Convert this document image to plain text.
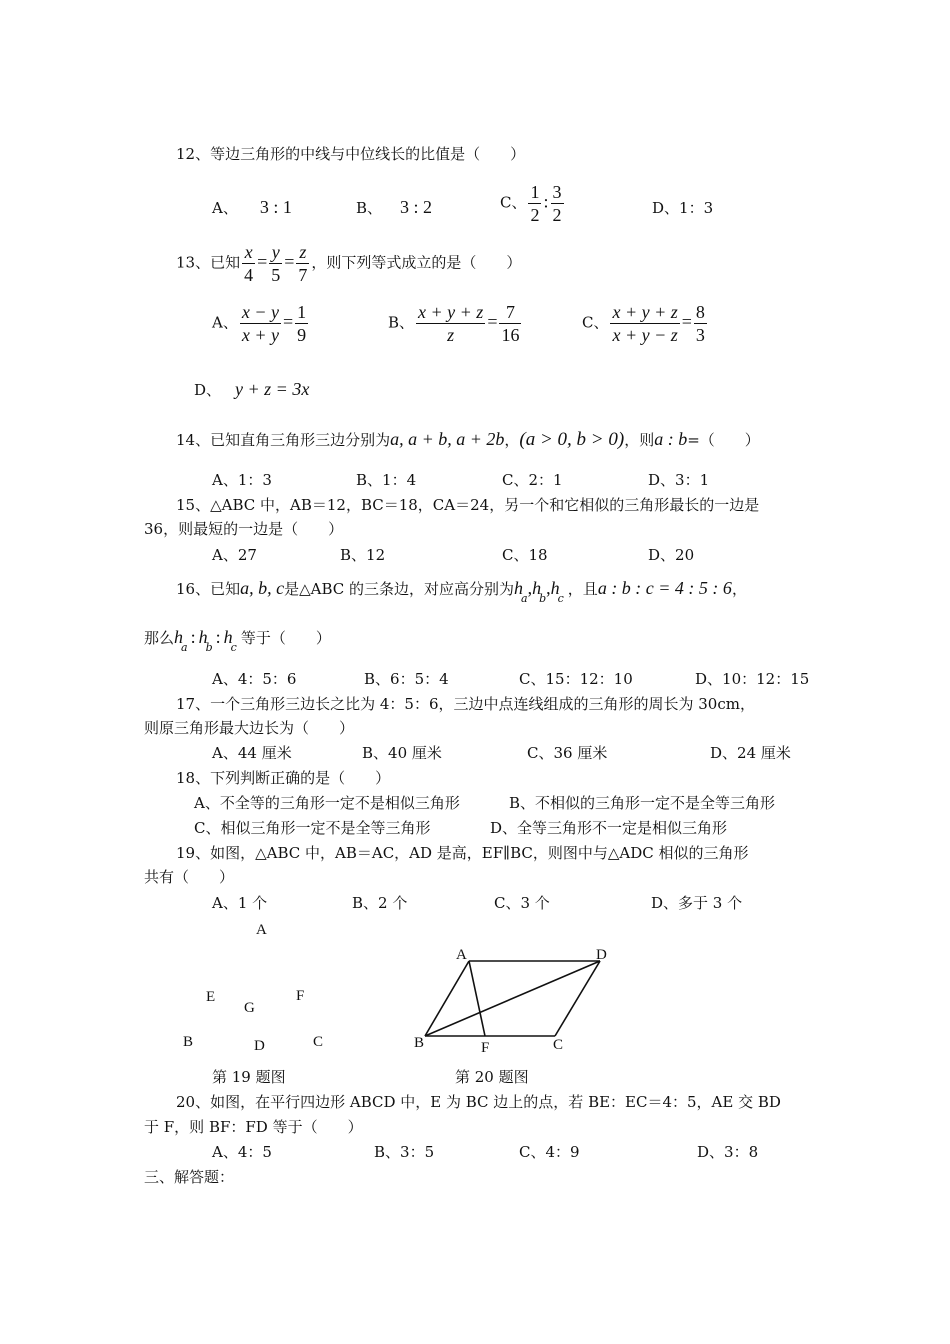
12、等边三角形的中线与中位线长的比值是（　　）
A、 3 : 1	B、 3 : 2	C、 $\frac{1}{2}$ : $\frac{3}{2}$	D、1：3
13、已知 $\frac{x}{4} = \frac{y}{5} = \frac{z}{7}$ ，则下列等式成立的是（　　）
A、 $\frac{x - y}{x + y} = \frac{1}{9}$	B、 $\frac{x + y + z}{z} = \frac{7}{16}$	C、 $\frac{x + y + z}{x + y - z} = \frac{8}{3}$
D、 y + z = 3x
14、已知直角三角形三边分别为a, a + b, a + 2b，(a > 0, b > 0)，则a : b=（　　）
A、1：3	B、1：4	C、2：1	D、3：1
15、△ABC 中，AB＝12，BC＝18，CA＝24，另一个和它相似的三角形最长的一边是
36，则最短的一边是（　　）
A、27	B、12	C、18	D、20
16、已知a, b, c是△ABC 的三条边，对应高分别为$h_a,h_b,h_c$，且a : b : c = 4 : 5 : 6，
那么$h_a$: $h_b$: $h_c$等于（　　）
A、4：5：6	B、6：5：4	C、15：12：10	D、10：12：15
17、一个三角形三边长之比为 4：5：6，三边中点连线组成的三角形的周长为 30cm，
则原三角形最大边长为（　　）
A、44 厘米	B、40 厘米	C、36 厘米	D、24 厘米
18、下列判断正确的是（　　）
A、不全等的三角形一定不是相似三角形	B、不相似的三角形一定不是全等三角形
C、相似三角形一定不是全等三角形	D、全等三角形不一定是相似三角形
19、如图，△ABC 中，AB＝AC，AD 是高，EF∥BC，则图中与△ADC 相似的三角形
共有（　　）
A、1 个	B、2 个	C、3 个	D、多于 3 个
A
E
G
F
B	D	C
第 19 题图
A	D
B	F	C
第 20 题图
20、如图，在平行四边形 ABCD 中，E 为 BC 边上的点，若 BE：EC＝4：5，AE 交 BD
于 F，则 BF：FD 等于（　　）
A、4：5	B、3：5	C、4：9	D、3：8
三、解答题：
